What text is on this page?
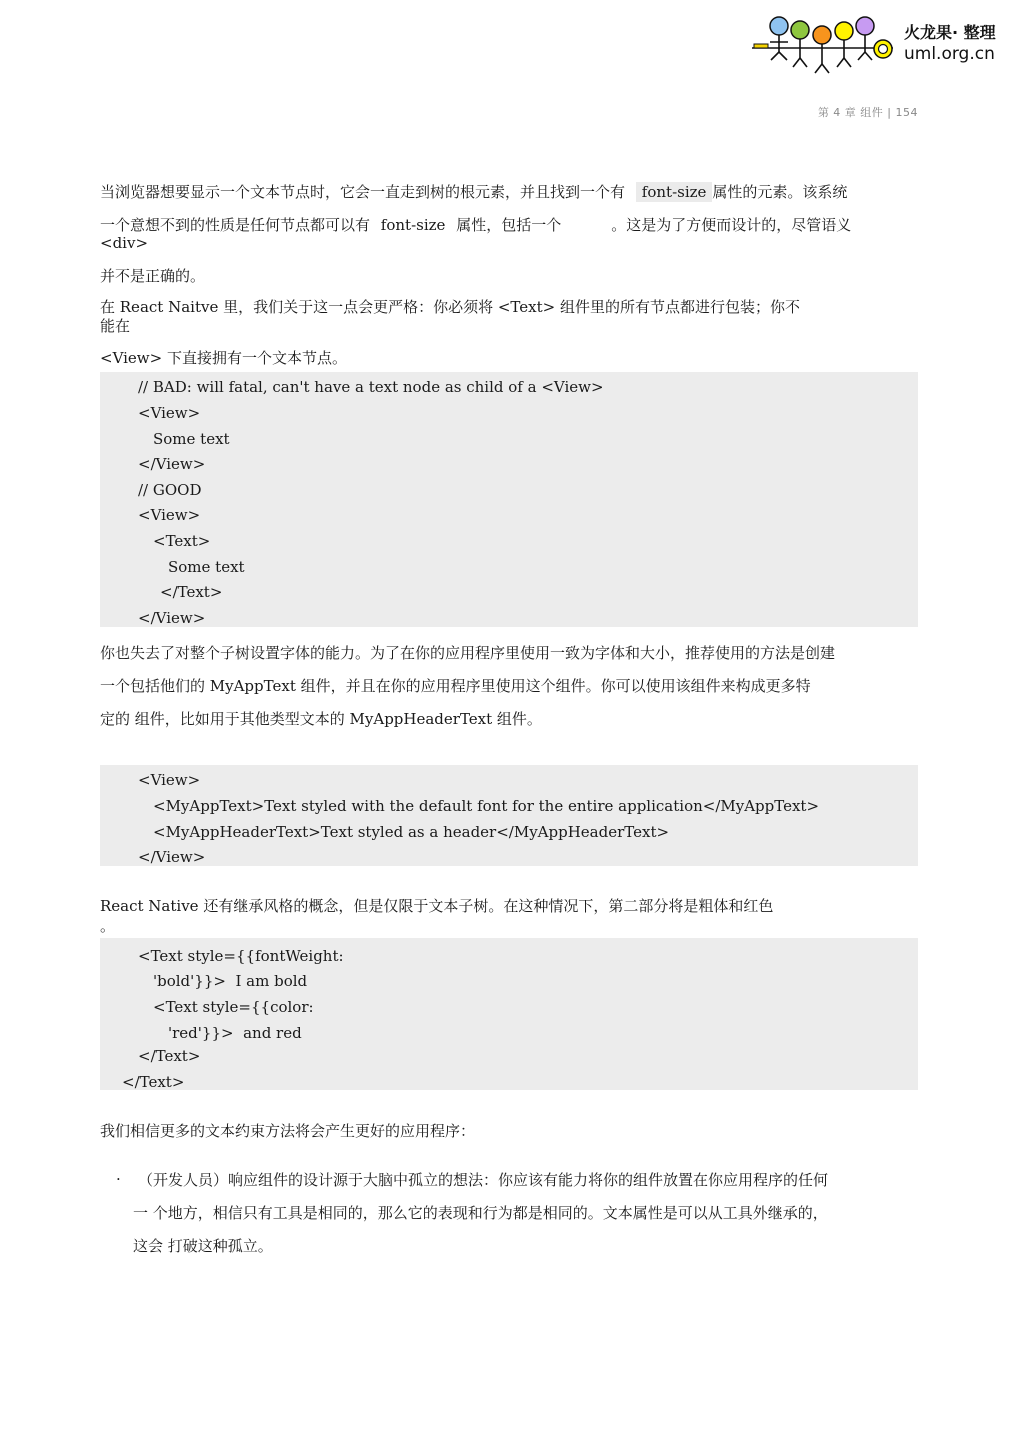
火龙果· 整理
uml.org.cn
第 4 章 组件 | 154
当浏览器想要显示一个文本节点时，它会一直走到树的根元素，并且找到一个有 font-size 属性的元素。该系统
一个意想不到的性质是任何节点都可以有 font-size 属性，包括一个	。这是为了方便而设计的，尽管语义
<div>
并不是正确的。
在 React Naitve 里，我们关于这一点会更严格：你必须将 <Text> 组件里的所有节点都进行包装；你不
能在
<View> 下直接拥有一个文本节点。
// BAD: will fatal, can't have a text node as child of a <View>
<View>
Some text
</View>
// GOOD
<View>
<Text>
Some text
</Text>
</View>
你也失去了对整个子树设置字体的能力。为了在你的应用程序里使用一致为字体和大小，推荐使用的方法是创建
一个包括他们的 MyAppText 组件，并且在你的应用程序里使用这个组件。你可以使用该组件来构成更多特
定的 组件，比如用于其他类型文本的 MyAppHeaderText 组件。
<View>
<MyAppText>Text styled with the default font for the entire application</MyAppText>
<MyAppHeaderText>Text styled as a header</MyAppHeaderText>
</View>
React Native 还有继承风格的概念，但是仅限于文本子树。在这种情况下，第二部分将是粗体和红色
。
<Text style={{fontWeight:
'bold'}}>  I am bold
<Text style={{color:
'red'}}>  and red
</Text>
</Text>
我们相信更多的文本约束方法将会产生更好的应用程序：
· （开发人员）响应组件的设计源于大脑中孤立的想法：你应该有能力将你的组件放置在你应用程序的任何
一 个地方，相信只有工具是相同的，那么它的表现和行为都是相同的。文本属性是可以从工具外继承的，
这会 打破这种孤立。
